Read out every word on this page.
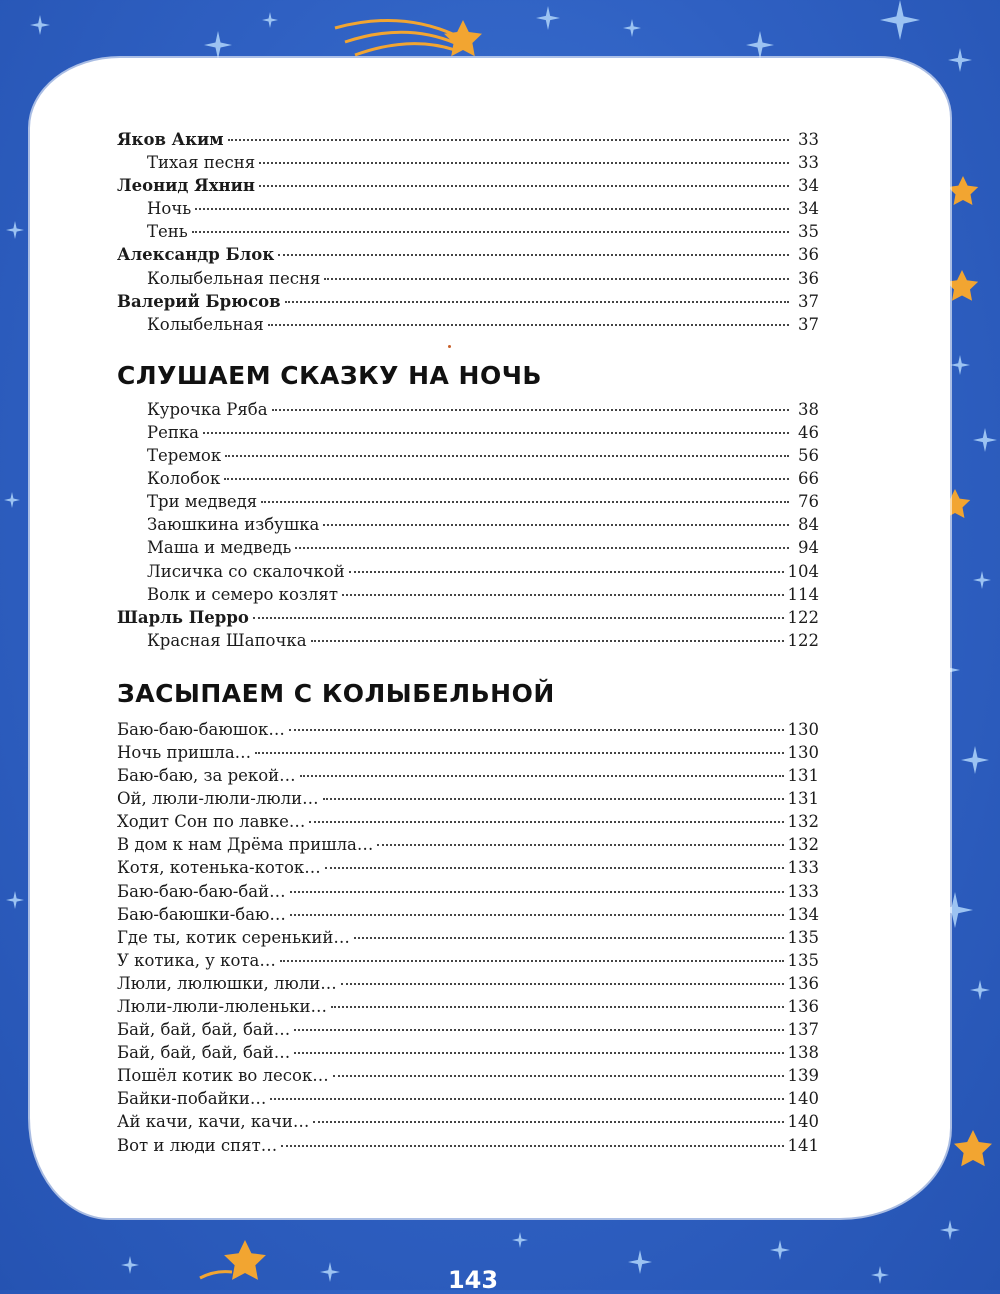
Яков Аким	33
Тихая песня	33
Леонид Яхнин	34
Ночь	34
Тень	35
Александр Блок	36
Колыбельная песня	36
Валерий Брюсов	37
Колыбельная	37
СЛУШАЕМ СКАЗКУ НА НОЧЬ
Курочка Ряба	38
Репка	46
Теремок	56
Колобок	66
Три медведя	76
Заюшкина избушка	84
Маша и медведь	94
Лисичка со скалочкой	104
Волк и семеро козлят	114
Шарль Перро	122
Красная Шапочка	122
ЗАСЫПАЕМ С КОЛЫБЕЛЬНОЙ
Баю-баю-баюшок…	130
Ночь пришла…	130
Баю-баю, за рекой…	131
Ой, люли-люли-люли…	131
Ходит Сон по лавке…	132
В дом к нам Дрёма пришла…	132
Котя, котенька-коток…	133
Баю-баю-баю-бай…	133
Баю-баюшки-баю…	134
Где ты, котик серенький…	135
У котика, у кота…	135
Люли, люлюшки, люли…	136
Люли-люли-люленьки…	136
Бай, бай, бай, бай…	137
Бай, бай, бай, бай…	138
Пошёл котик во лесок…	139
Байки-побайки…	140
Ай качи, качи, качи…	140
Вот и люди спят…	141
143
